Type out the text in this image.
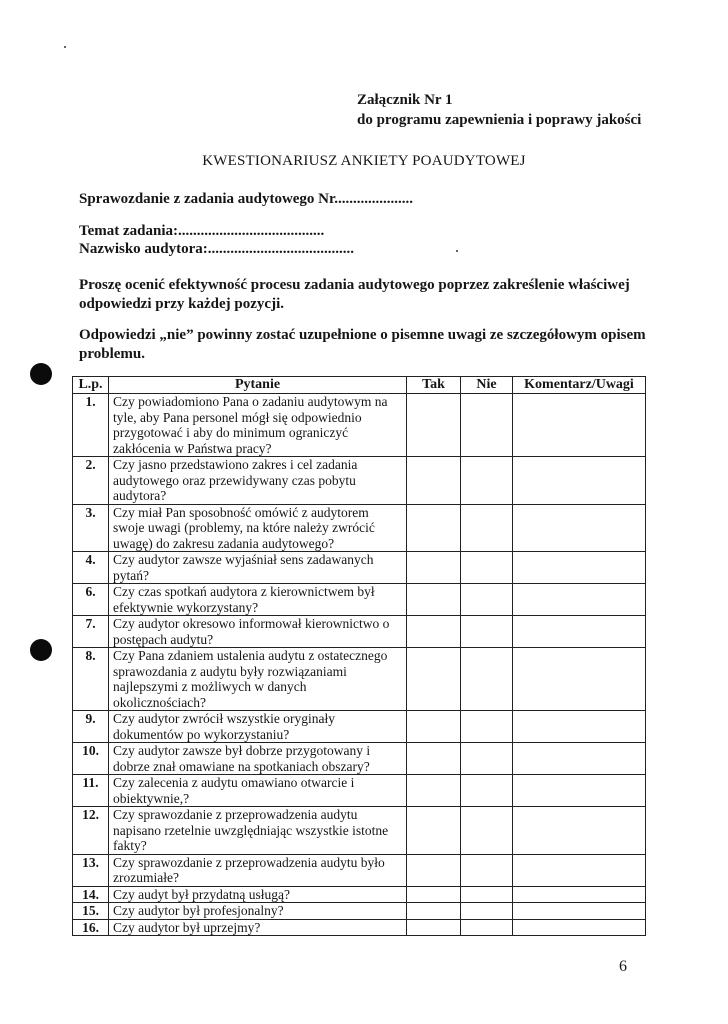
Załącznik Nr 1
do programu zapewnienia i poprawy jakości
KWESTIONARIUSZ ANKIETY POAUDYTOWEJ
Sprawozdanie z zadania audytowego Nr.....................
Temat zadania:.......................................
Nazwisko audytora:.......................................
Proszę ocenić efektywność procesu zadania audytowego poprzez zakreślenie właściwej odpowiedzi przy każdej pozycji.
Odpowiedzi „nie” powinny zostać uzupełnione o pisemne uwagi ze szczegółowym opisem problemu.
L.p.	Pytanie	Tak	Nie	Komentarz/Uwagi
1.	Czy powiadomiono Pana o zadaniu audytowym na tyle, aby Pana personel mógł się odpowiednio przygotować i aby do minimum ograniczyć zakłócenia w Państwa pracy?			
2.	Czy jasno przedstawiono zakres i cel zadania audytowego oraz przewidywany czas pobytu audytora?			
3.	Czy miał Pan sposobność omówić z audytorem swoje uwagi (problemy, na które należy zwrócić uwagę) do zakresu zadania audytowego?			
4.	Czy audytor zawsze wyjaśniał sens zadawanych pytań?			
6.	Czy czas spotkań audytora z kierownictwem był efektywnie wykorzystany?			
7.	Czy audytor okresowo informował kierownictwo o postępach audytu?			
8.	Czy Pana zdaniem ustalenia audytu z ostatecznego sprawozdania z audytu były rozwiązaniami najlepszymi z możliwych w danych okolicznościach?			
9.	Czy audytor zwrócił wszystkie oryginały dokumentów po wykorzystaniu?			
10.	Czy audytor zawsze był dobrze przygotowany i dobrze znał omawiane na spotkaniach obszary?			
11.	Czy zalecenia z audytu omawiano otwarcie i obiektywnie,?			
12.	Czy sprawozdanie z przeprowadzenia audytu napisano rzetelnie uwzględniając wszystkie istotne fakty?			
13.	Czy sprawozdanie z przeprowadzenia audytu było zrozumiałe?			
14.	Czy audyt był przydatną usługą?			
15.	Czy audytor był profesjonalny?			
16.	Czy audytor był uprzejmy?			
6
